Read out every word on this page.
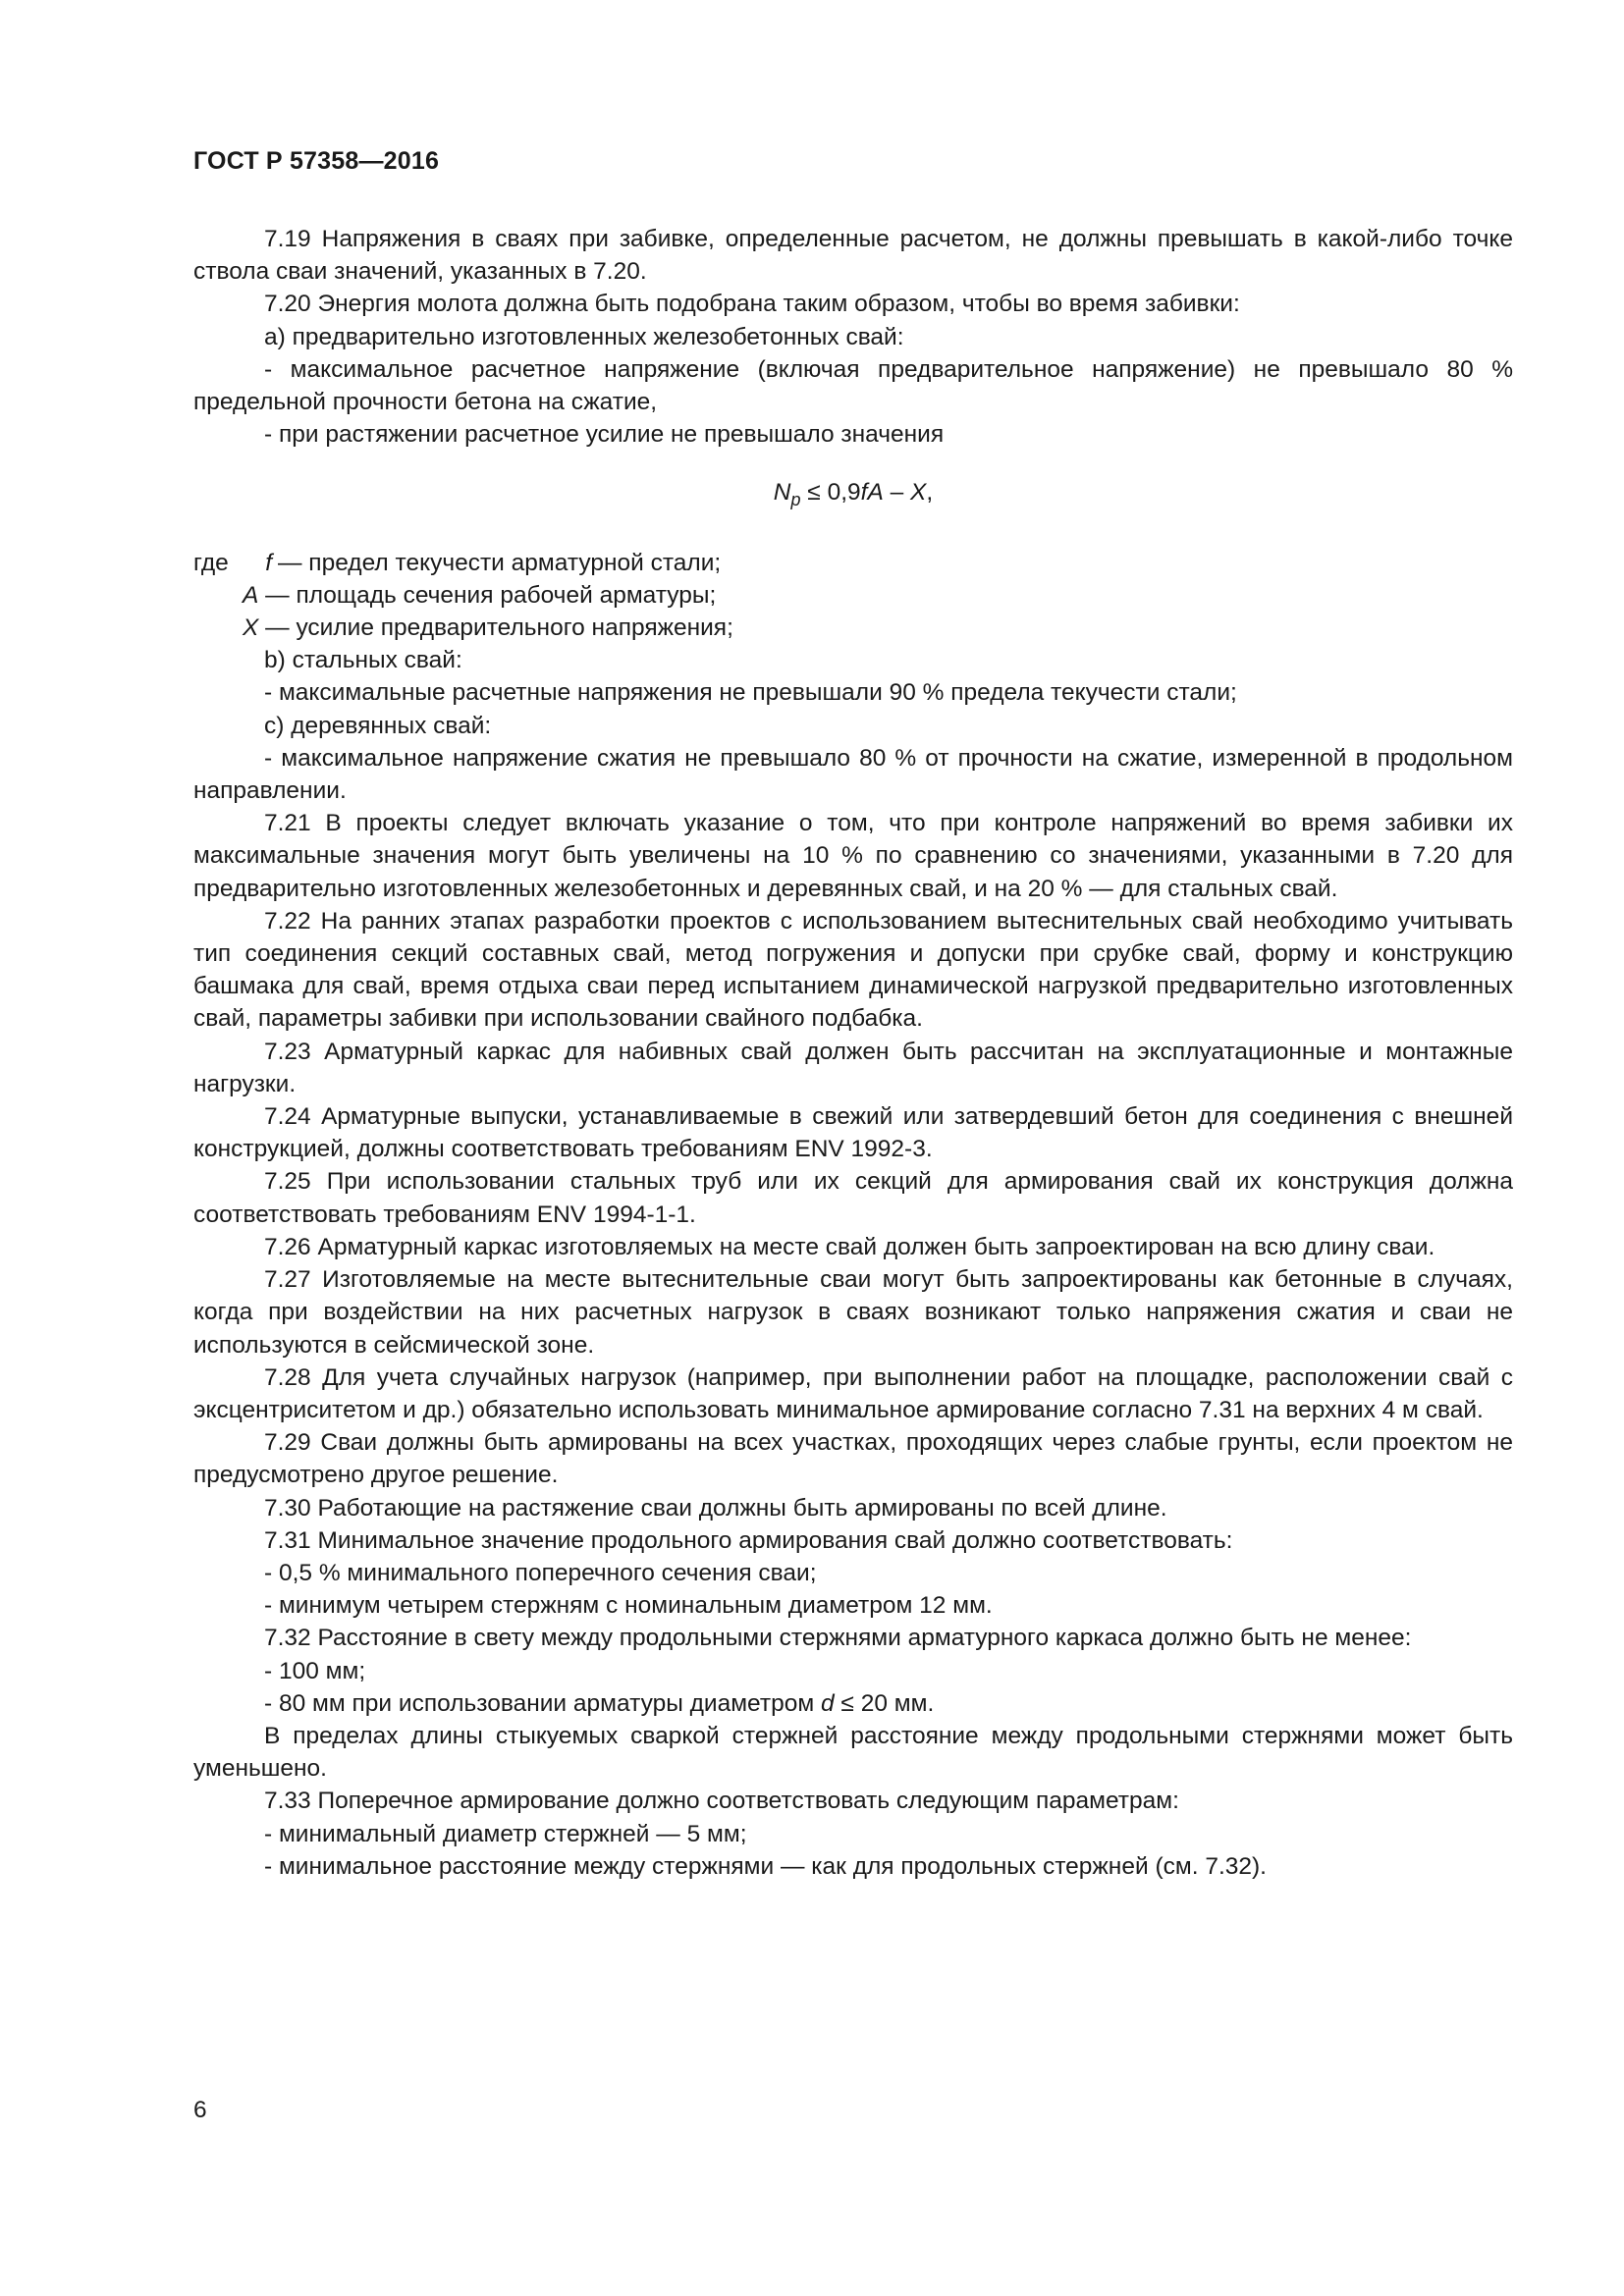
ГОСТ Р 57358—2016

7.19 Напряжения в сваях при забивке, определенные расчетом, не должны превышать в какой-либо точке ствола сваи значений, указанных в 7.20.

7.20 Энергия молота должна быть подобрана таким образом, чтобы во время забивки:

а) предварительно изготовленных железобетонных свай:

- максимальное расчетное напряжение (включая предварительное напряжение) не превышало 80 % предельной прочности бетона на сжатие,

- при растяжении расчетное усилие не превышало значения

$N_p \le 0,9fA - X$,

где	f — предел текучести арматурной стали;
A — площадь сечения рабочей арматуры;
X — усилие предварительного напряжения;

b) стальных свай:

- максимальные расчетные напряжения не превышали 90 % предела текучести стали;

c) деревянных свай:

- максимальное напряжение сжатия не превышало 80 % от прочности на сжатие, измеренной в продольном направлении.

7.21 В проекты следует включать указание о том, что при контроле напряжений во время забивки их максимальные значения могут быть увеличены на 10 % по сравнению со значениями, указанными в 7.20 для предварительно изготовленных железобетонных и деревянных свай, и на 20 % — для стальных свай.

7.22 На ранних этапах разработки проектов с использованием вытеснительных свай необходимо учитывать тип соединения секций составных свай, метод погружения и допуски при срубке свай, форму и конструкцию башмака для свай, время отдыха сваи перед испытанием динамической нагрузкой предварительно изготовленных свай, параметры забивки при использовании свайного подбабка.

7.23 Арматурный каркас для набивных свай должен быть рассчитан на эксплуатационные и монтажные нагрузки.

7.24 Арматурные выпуски, устанавливаемые в свежий или затвердевший бетон для соединения с внешней конструкцией, должны соответствовать требованиям ENV 1992-3.

7.25 При использовании стальных труб или их секций для армирования свай их конструкция должна соответствовать требованиям ENV 1994-1-1.

7.26 Арматурный каркас изготовляемых на месте свай должен быть запроектирован на всю длину сваи.

7.27 Изготовляемые на месте вытеснительные сваи могут быть запроектированы как бетонные в случаях, когда при воздействии на них расчетных нагрузок в сваях возникают только напряжения сжатия и сваи не используются в сейсмической зоне.

7.28 Для учета случайных нагрузок (например, при выполнении работ на площадке, расположении свай с эксцентриситетом и др.) обязательно использовать минимальное армирование согласно 7.31 на верхних 4 м свай.

7.29 Сваи должны быть армированы на всех участках, проходящих через слабые грунты, если проектом не предусмотрено другое решение.

7.30 Работающие на растяжение сваи должны быть армированы по всей длине.

7.31 Минимальное значение продольного армирования свай должно соответствовать:

- 0,5 % минимального поперечного сечения сваи;

- минимум четырем стержням с номинальным диаметром 12 мм.

7.32 Расстояние в свету между продольными стержнями арматурного каркаса должно быть не менее:

- 100 мм;

- 80 мм при использовании арматуры диаметром d ≤ 20 мм.

В пределах длины стыкуемых сваркой стержней расстояние между продольными стержнями может быть уменьшено.

7.33 Поперечное армирование должно соответствовать следующим параметрам:

- минимальный диаметр стержней — 5 мм;

- минимальное расстояние между стержнями — как для продольных стержней (см. 7.32).

6
